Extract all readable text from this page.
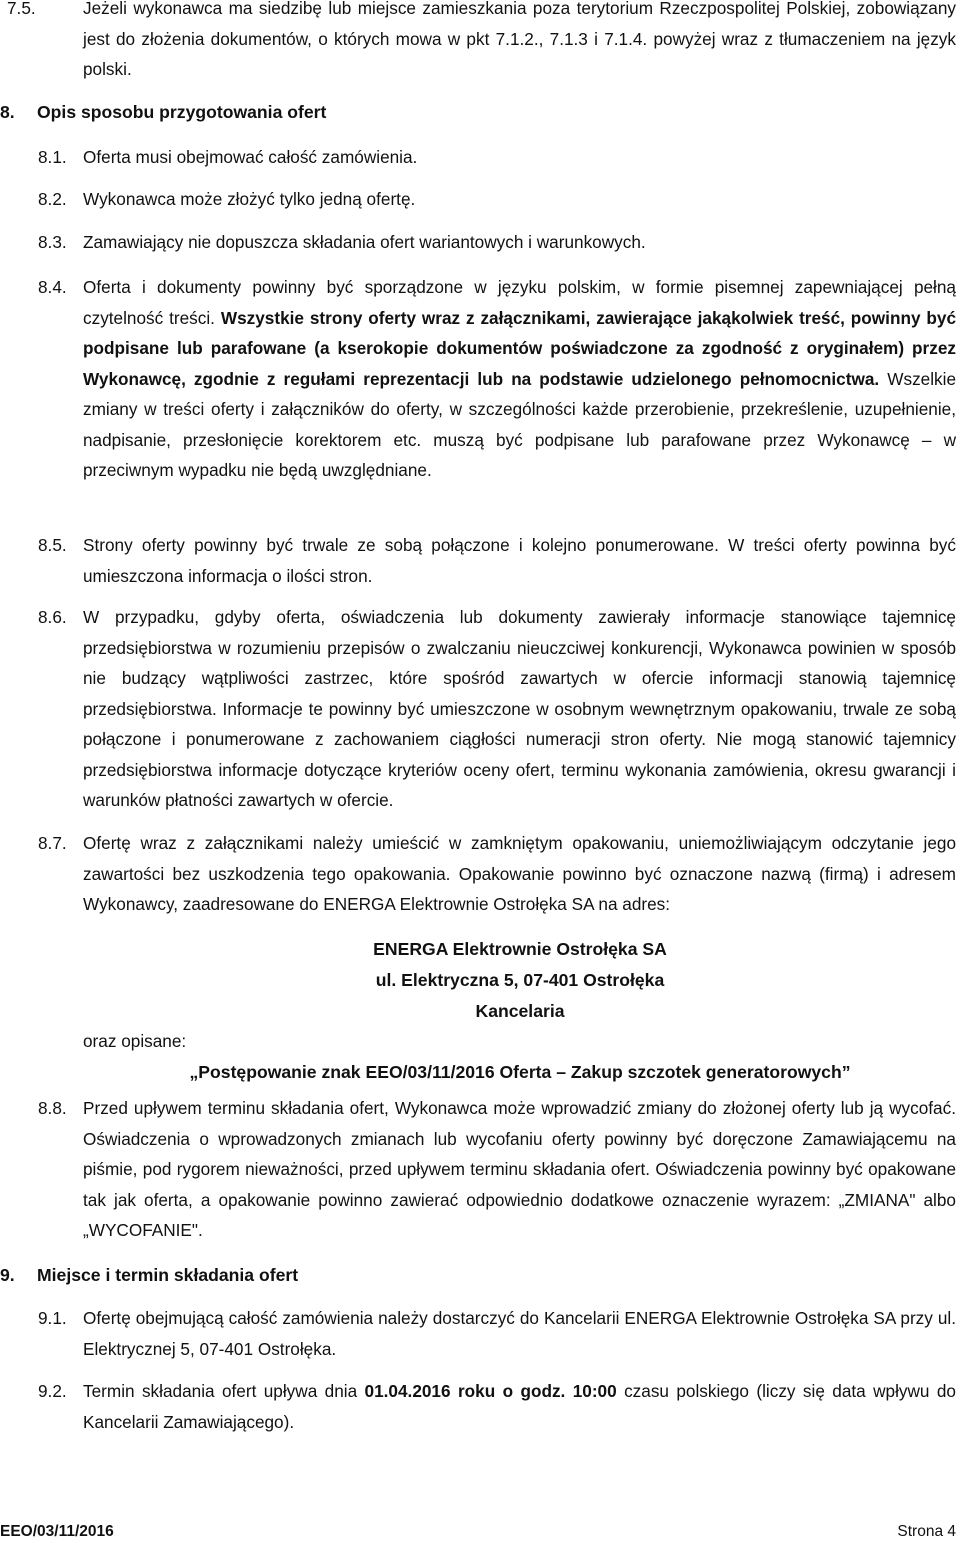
7.5.	Jeżeli wykonawca ma siedzibę lub miejsce zamieszkania poza terytorium Rzeczpospolitej Polskiej, zobowiązany jest do złożenia dokumentów, o których mowa w pkt 7.1.2., 7.1.3 i 7.1.4. powyżej wraz z tłumaczeniem na język polski.
8. Opis sposobu przygotowania ofert
8.1. Oferta musi obejmować całość zamówienia.
8.2. Wykonawca może złożyć tylko jedną ofertę.
8.3. Zamawiający nie dopuszcza składania ofert wariantowych i warunkowych.
8.4. Oferta i dokumenty powinny być sporządzone w języku polskim, w formie pisemnej zapewniającej pełną czytelność treści. Wszystkie strony oferty wraz z załącznikami, zawierające jakąkolwiek treść, powinny być podpisane lub parafowane (a kserokopie dokumentów poświadczone za zgodność z oryginałem) przez Wykonawcę, zgodnie z regułami reprezentacji lub na podstawie udzielonego pełnomocnictwa. Wszelkie zmiany w treści oferty i załączników do oferty, w szczególności każde przerobienie, przekreślenie, uzupełnienie, nadpisanie, przesłonięcie korektorem etc. muszą być podpisane lub parafowane przez Wykonawcę – w przeciwnym wypadku nie będą uwzględniane.
8.5. Strony oferty powinny być trwale ze sobą połączone i kolejno ponumerowane. W treści oferty powinna być umieszczona informacja o ilości stron.
8.6. W przypadku, gdyby oferta, oświadczenia lub dokumenty zawierały informacje stanowiące tajemnicę przedsiębiorstwa w rozumieniu przepisów o zwalczaniu nieuczciwej konkurencji, Wykonawca powinien w sposób nie budzący wątpliwości zastrzec, które spośród zawartych w ofercie informacji stanowią tajemnicę przedsiębiorstwa. Informacje te powinny być umieszczone w osobnym wewnętrznym opakowaniu, trwale ze sobą połączone i ponumerowane z zachowaniem ciągłości numeracji stron oferty. Nie mogą stanowić tajemnicy przedsiębiorstwa informacje dotyczące kryteriów oceny ofert, terminu wykonania zamówienia, okresu gwarancji i warunków płatności zawartych w ofercie.
8.7. Ofertę wraz z załącznikami należy umieścić w zamkniętym opakowaniu, uniemożliwiającym odczytanie jego zawartości bez uszkodzenia tego opakowania. Opakowanie powinno być oznaczone nazwą (firmą) i adresem Wykonawcy, zaadresowane do ENERGA Elektrownie Ostrołęka SA na adres:
ENERGA Elektrownie Ostrołęka SA
ul. Elektryczna 5, 07-401 Ostrołęka
Kancelaria
oraz opisane:
„Postępowanie znak EEO/03/11/2016 Oferta – Zakup szczotek generatorowych”
8.8. Przed upływem terminu składania ofert, Wykonawca może wprowadzić zmiany do złożonej oferty lub ją wycofać. Oświadczenia o wprowadzonych zmianach lub wycofaniu oferty powinny być doręczone Zamawiającemu na piśmie, pod rygorem nieważności, przed upływem terminu składania ofert. Oświadczenia powinny być opakowane tak jak oferta, a opakowanie powinno zawierać odpowiednio dodatkowe oznaczenie wyrazem: „ZMIANA" albo „WYCOFANIE".
9. Miejsce i termin składania ofert
9.1. Ofertę obejmującą całość zamówienia należy dostarczyć do Kancelarii ENERGA Elektrownie Ostrołęka SA przy ul. Elektrycznej 5, 07-401 Ostrołęka.
9.2. Termin składania ofert upływa dnia 01.04.2016 roku o godz. 10:00 czasu polskiego (liczy się data wpływu do Kancelarii Zamawiającego).
EEO/03/11/2016	Strona 4
